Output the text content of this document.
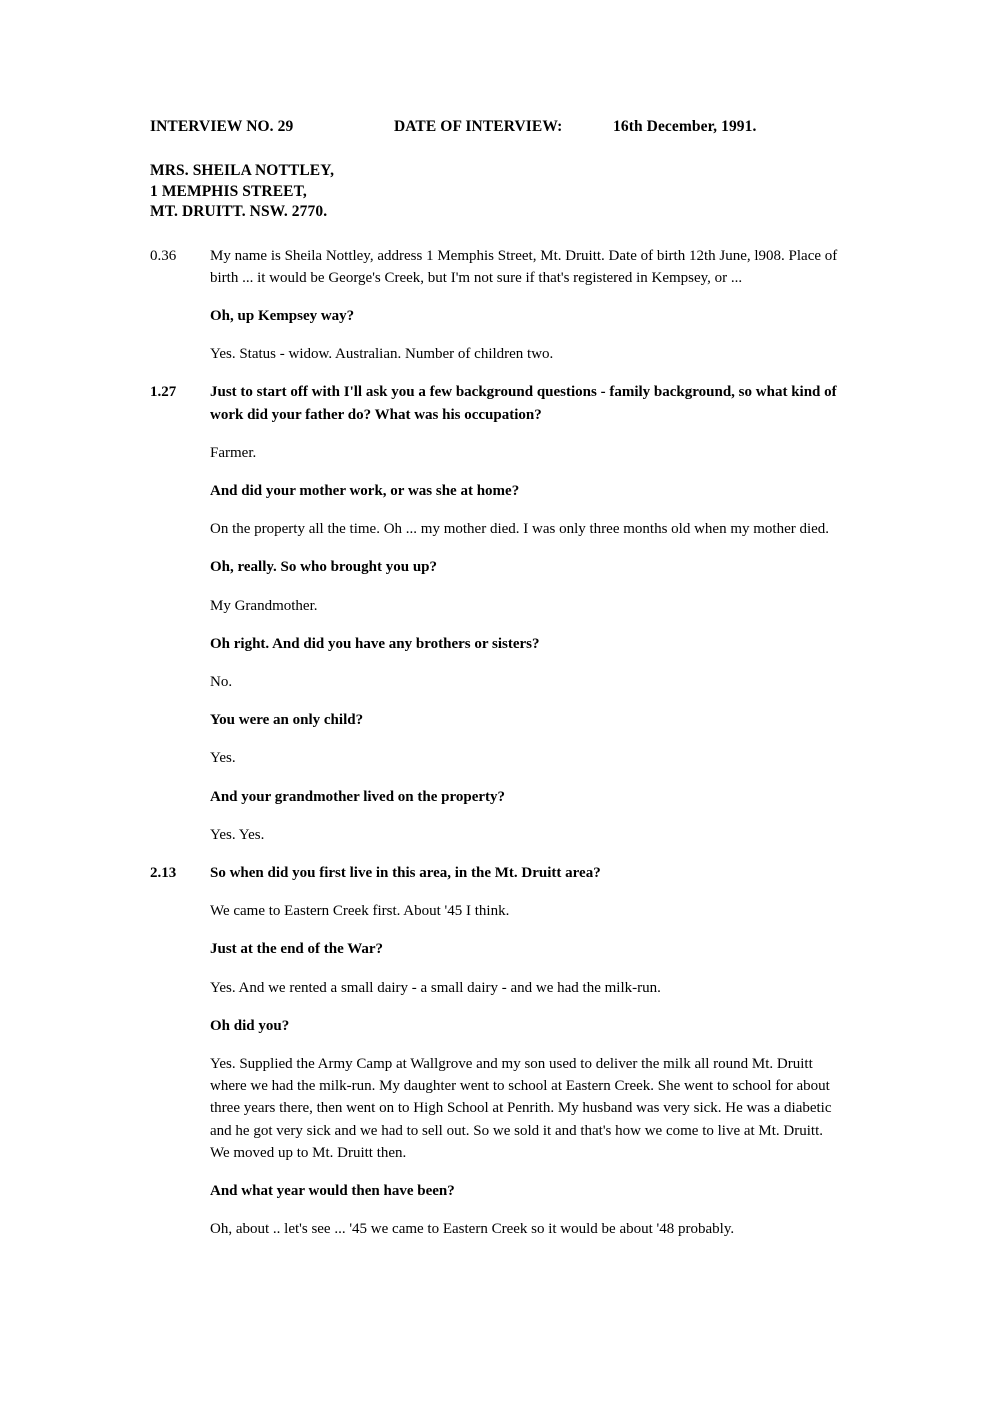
INTERVIEW NO. 29	DATE OF INTERVIEW:	16th December, 1991.
MRS. SHEILA NOTTLEY,
1 MEMPHIS STREET,
MT. DRUITT. NSW. 2770.
0.36	My name is Sheila Nottley, address 1 Memphis Street, Mt. Druitt. Date of birth 12th June, l908. Place of birth ... it would be George's Creek, but I'm not sure if that's registered in Kempsey, or ...
Oh, up Kempsey way?
Yes. Status - widow. Australian. Number of children two.
1.27	Just to start off with I'll ask you a few background questions - family background, so what kind of work did your father do? What was his occupation?
Farmer.
And did your mother work, or was she at home?
On the property all the time. Oh ... my mother died. I was only three months old when my mother died.
Oh, really. So who brought you up?
My Grandmother.
Oh right. And did you have any brothers or sisters?
No.
You were an only child?
Yes.
And your grandmother lived on the property?
Yes. Yes.
2.13	So when did you first live in this area, in the Mt. Druitt area?
We came to Eastern Creek first. About '45 I think.
Just at the end of the War?
Yes. And we rented a small dairy - a small dairy - and we had the milk-run.
Oh did you?
Yes. Supplied the Army Camp at Wallgrove and my son used to deliver the milk all round Mt. Druitt where we had the milk-run. My daughter went to school at Eastern Creek. She went to school for about three years there, then went on to High School at Penrith. My husband was very sick. He was a diabetic and he got very sick and we had to sell out. So we sold it and that's how we come to live at Mt. Druitt. We moved up to Mt. Druitt then.
And what year would then have been?
Oh, about .. let's see ... '45 we came to Eastern Creek so it would be about '48 probably.
